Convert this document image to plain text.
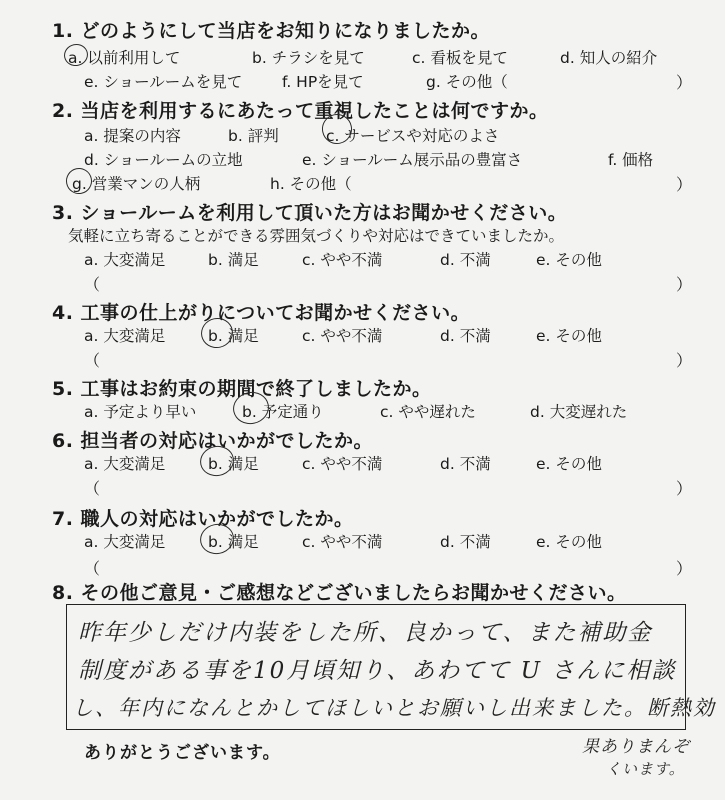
1. どのようにして当店をお知りになりましたか。
a. 以前利用して	b. チラシを見て	c. 看板を見て	d. 知人の紹介
e. ショールームを見て	f. HPを見て	g. その他（	）
2. 当店を利用するにあたって重視したことは何ですか。
a. 提案の内容	b. 評判	c. サービスや対応のよさ
d. ショールームの立地	e. ショールーム展示品の豊富さ	f. 価格
g. 営業マンの人柄	h. その他（	）
3. ショールームを利用して頂いた方はお聞かせください。
気軽に立ち寄ることができる雰囲気づくりや対応はできていましたか。
a. 大変満足	b. 満足	c. やや不満	d. 不満	e. その他
（	）
4. 工事の仕上がりについてお聞かせください。
a. 大変満足	b. 満足	c. やや不満	d. 不満	e. その他
（	）
5. 工事はお約束の期間で終了しましたか。
a. 予定より早い	b. 予定通り	c. やや遅れた	d. 大変遅れた
6. 担当者の対応はいかがでしたか。
a. 大変満足	b. 満足	c. やや不満	d. 不満	e. その他
（	）
7. 職人の対応はいかがでしたか。
a. 大変満足	b. 満足	c. やや不満	d. 不満	e. その他
（	）
8. その他ご意見・ご感想などございましたらお聞かせください。
昨年少しだけ内装をした所、良かって、また補助金
制度がある事を10月頃知り、あわてて U さんに相談
し、年内になんとかしてほしいとお願いし出来ました。断熱効
果ありまんぞ
くいます。
ありがとうございます。
